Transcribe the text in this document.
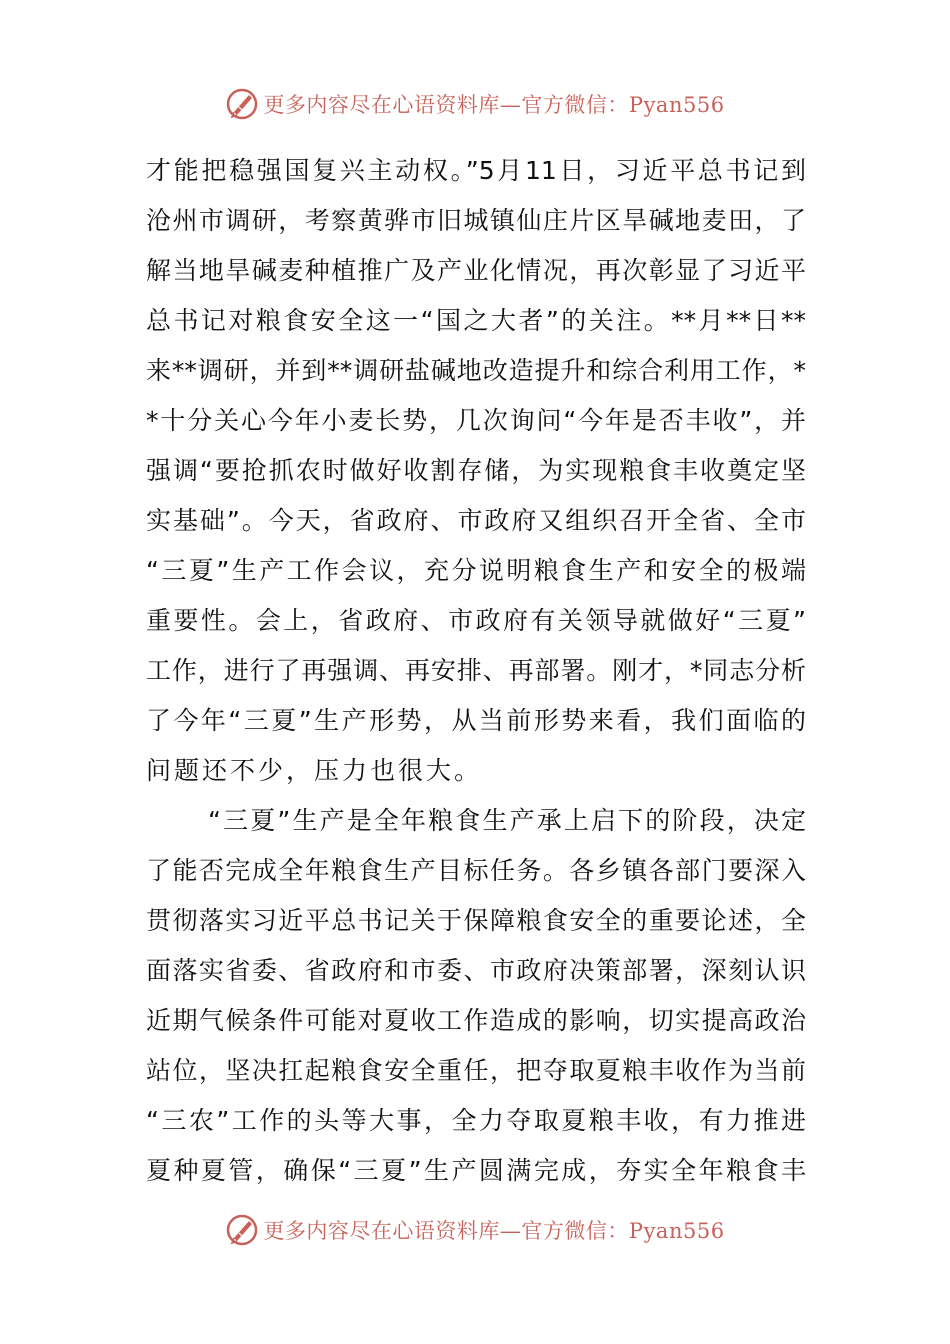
更多内容尽在心语资料库—官方微信：Pyan556
才能把稳强国复兴主动权。”5月11日，习近平总书记到
沧州市调研，考察黄骅市旧城镇仙庄片区旱碱地麦田，了
解当地旱碱麦种植推广及产业化情况，再次彰显了习近平
总书记对粮食安全这一“国之大者”的关注。**月**日**
来**调研，并到**调研盐碱地改造提升和综合利用工作，*
*十分关心今年小麦长势，几次询问“今年是否丰收”，并
强调“要抢抓农时做好收割存储，为实现粮食丰收奠定坚
实基础”。今天，省政府、市政府又组织召开全省、全市
“三夏”生产工作会议，充分说明粮食生产和安全的极端
重要性。会上，省政府、市政府有关领导就做好“三夏”
工作，进行了再强调、再安排、再部署。刚才，*同志分析
了今年“三夏”生产形势，从当前形势来看，我们面临的
问题还不少，压力也很大。
“三夏”生产是全年粮食生产承上启下的阶段，决定
了能否完成全年粮食生产目标任务。各乡镇各部门要深入
贯彻落实习近平总书记关于保障粮食安全的重要论述，全
面落实省委、省政府和市委、市政府决策部署，深刻认识
近期气候条件可能对夏收工作造成的影响，切实提高政治
站位，坚决扛起粮食安全重任，把夺取夏粮丰收作为当前
“三农”工作的头等大事，全力夺取夏粮丰收，有力推进
夏种夏管，确保“三夏”生产圆满完成，夯实全年粮食丰
更多内容尽在心语资料库—官方微信：Pyan556
